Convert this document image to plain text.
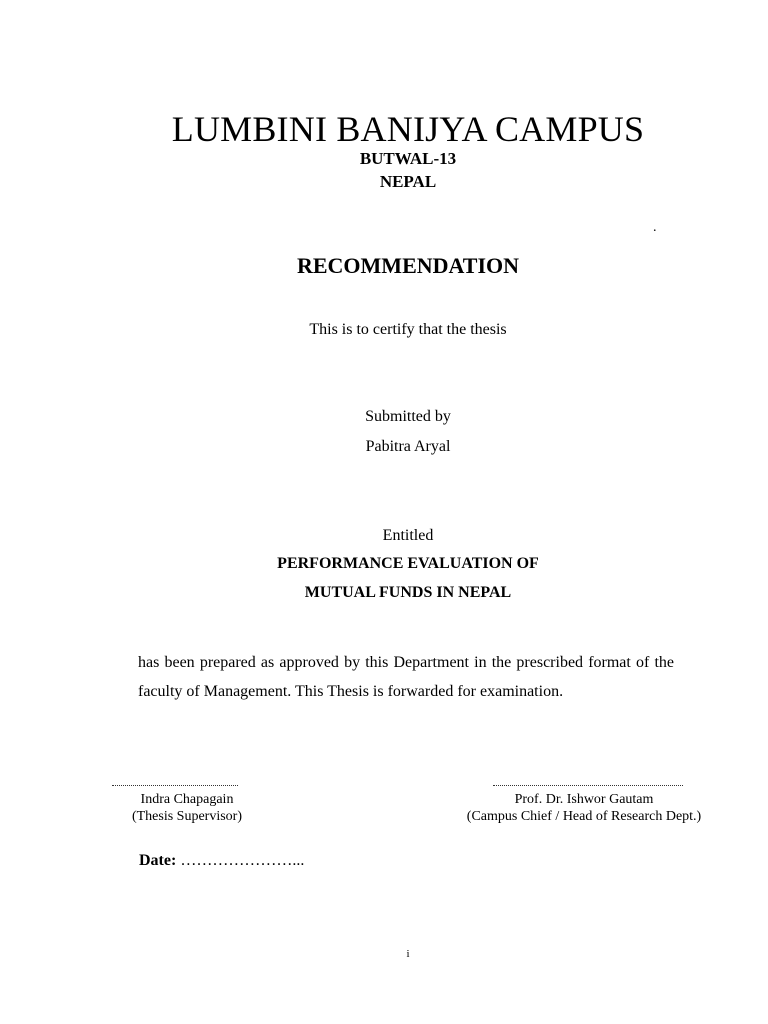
LUMBINI BANIJYA CAMPUS
BUTWAL-13
NEPAL
.
RECOMMENDATION
This is to certify that the thesis
Submitted by
Pabitra Aryal
Entitled
PERFORMANCE EVALUATION OF
MUTUAL FUNDS IN NEPAL
has been prepared as approved by this Department in the prescribed format of the faculty of Management. This Thesis is forwarded for examination.
Indra Chapagain
(Thesis Supervisor)
Prof. Dr. Ishwor Gautam
(Campus Chief / Head of Research Dept.)
Date: …………………...
i
